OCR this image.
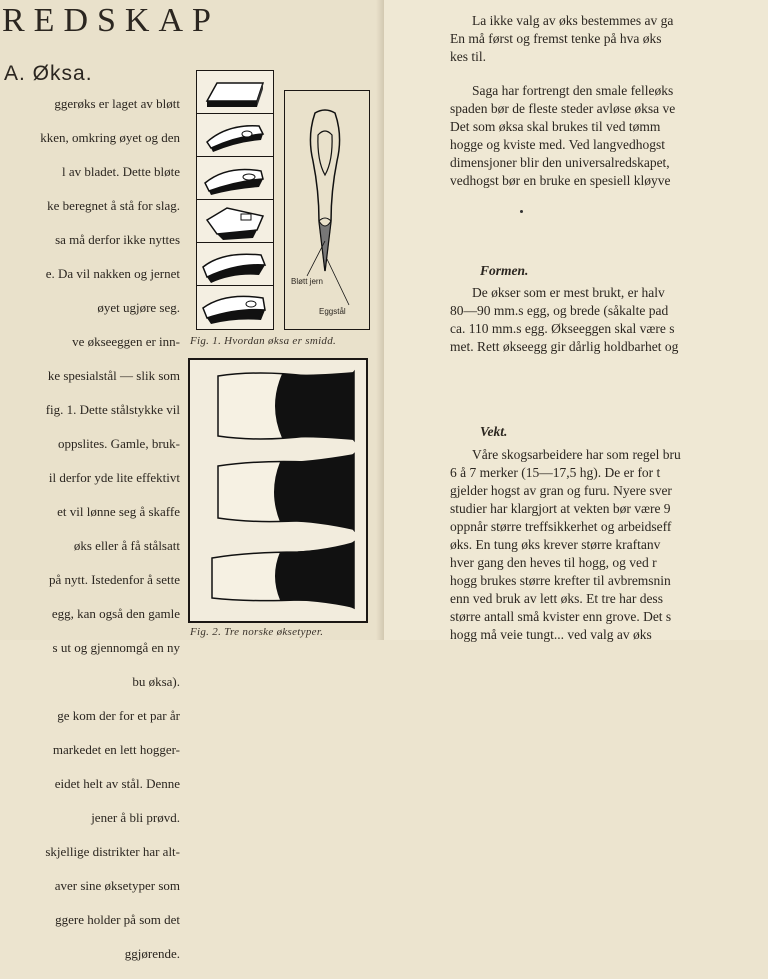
REDSKAP
A. Øksa.

ggerøks er laget av bløtt

kken, omkring øyet og den

l av bladet. Dette bløte

ke beregnet å stå for slag.

sa må derfor ikke nyttes

e. Da vil nakken og jernet

øyet ugjøre seg.

ve økseeggen er inn-

ke spesialstål — slik som

fig. 1. Dette stålstykke vil

oppslites. Gamle, bruk-

il derfor yde lite effektivt

et vil lønne seg å skaffe

øks eller å få stålsatt

på nytt. Istedenfor å sette

egg, kan også den gamle

s ut og gjennomgå en ny

bu øksa).

ge kom der for et par år

markedet en lett hogger-

eidet helt av stål. Denne

jener å bli prøvd.

skjellige distrikter har alt-

aver sine øksetyper som

ggere holder på som det

ggjørende.

Bløtt jern
Eggstål
Fig. 1. Hvordan øksa er smidd.
Fig. 2. Tre norske øksetyper.

La ikke valg av øks bestemmes av ga

En må først og fremst tenke på hva øks

kes til.

Saga har fortrengt den smale felleøks

spaden bør de fleste steder avløse øksa ve

Det som øksa skal brukes til ved tømm

hogge og kviste med. Ved langvedhogst

dimensjoner blir den universalredskapet,

vedhogst bør en bruke en spesiell kløyve

Formen.

De økser som er mest brukt, er halv

80—90 mm.s egg, og brede (såkalte pad

ca. 110 mm.s egg. Økseeggen skal være s

met. Rett økseegg gir dårlig holdbarhet og

Vekt.

Våre skogsarbeidere har som regel bru

6 å 7 merker (15—17,5 hg). De er for t

gjelder hogst av gran og furu. Nyere sver

studier har klargjort at vekten bør være 9

oppnår større treffsikkerhet og arbeidseff

øks. En tung øks krever større kraftanv

hver gang den heves til hogg, og ved r

hogg brukes større krefter til avbremsnin

enn ved bruk av lett øks. Et tre har dess

større antall små kvister enn grove. Det s

hogg må veie tungt... ved valg av øks
